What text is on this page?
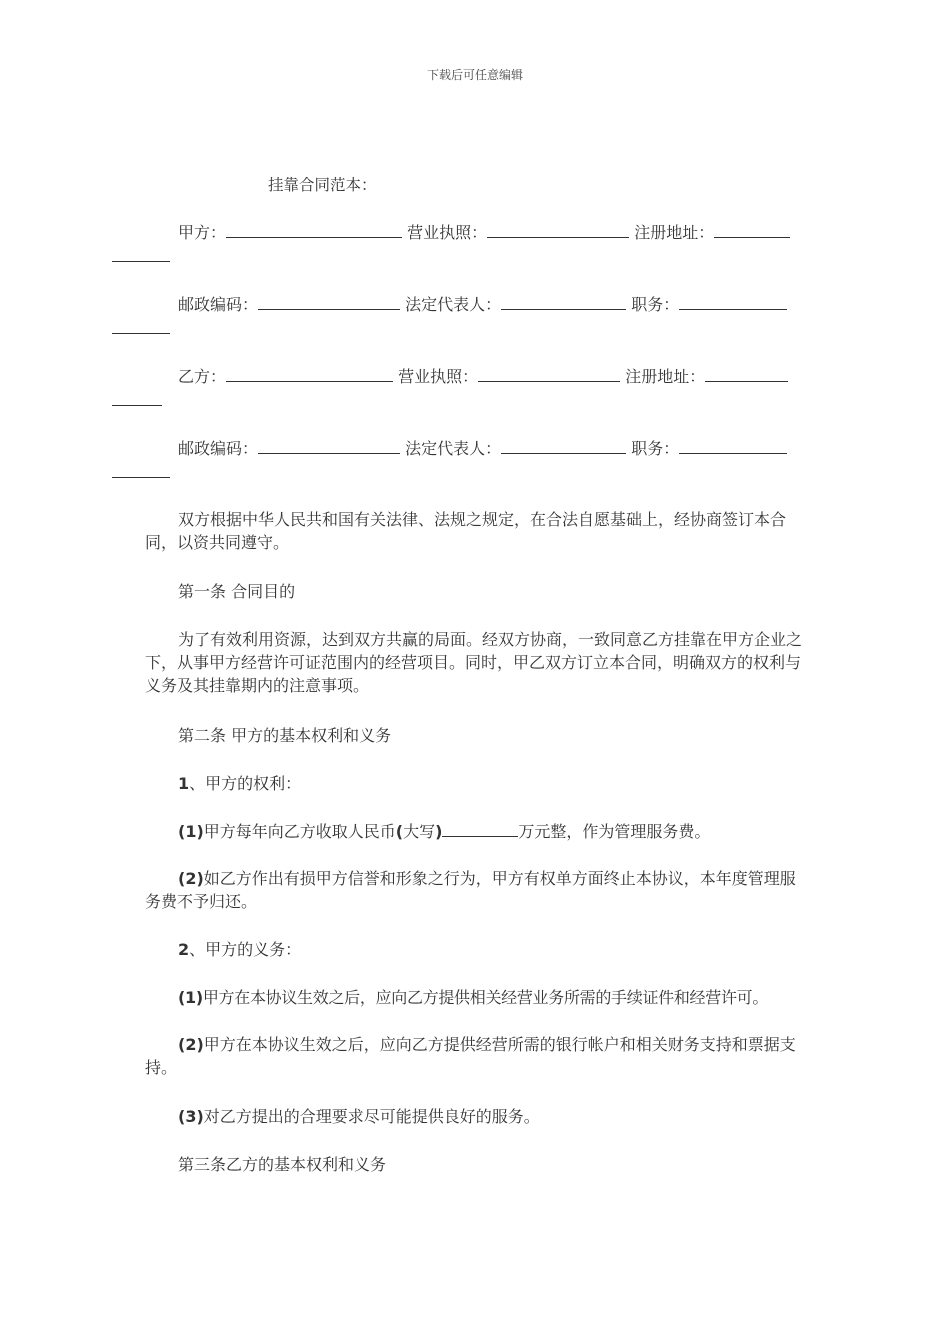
下载后可任意编辑
挂靠合同范本：
甲方：	营业执照：	注册地址：

邮政编码：	法定代表人：	职务：

乙方：	营业执照：	注册地址：

邮政编码：	法定代表人：	职务：

双方根据中华人民共和国有关法律、法规之规定，在合法自愿基础上，经协商签订本合同，以资共同遵守。
第一条 合同目的
为了有效利用资源，达到双方共赢的局面。经双方协商，一致同意乙方挂靠在甲方企业之下，从事甲方经营许可证范围内的经营项目。同时，甲乙双方订立本合同，明确双方的权利与义务及其挂靠期内的注意事项。
第二条 甲方的基本权利和义务
1、甲方的权利：
(1)甲方每年向乙方收取人民币(大写)	万元整，作为管理服务费。
(2)如乙方作出有损甲方信誉和形象之行为，甲方有权单方面终止本协议，本年度管理服务费不予归还。
2、甲方的义务：
(1)甲方在本协议生效之后，应向乙方提供相关经营业务所需的手续证件和经营许可。
(2)甲方在本协议生效之后，应向乙方提供经营所需的银行帐户和相关财务支持和票据支持。
(3)对乙方提出的合理要求尽可能提供良好的服务。
第三条乙方的基本权利和义务
